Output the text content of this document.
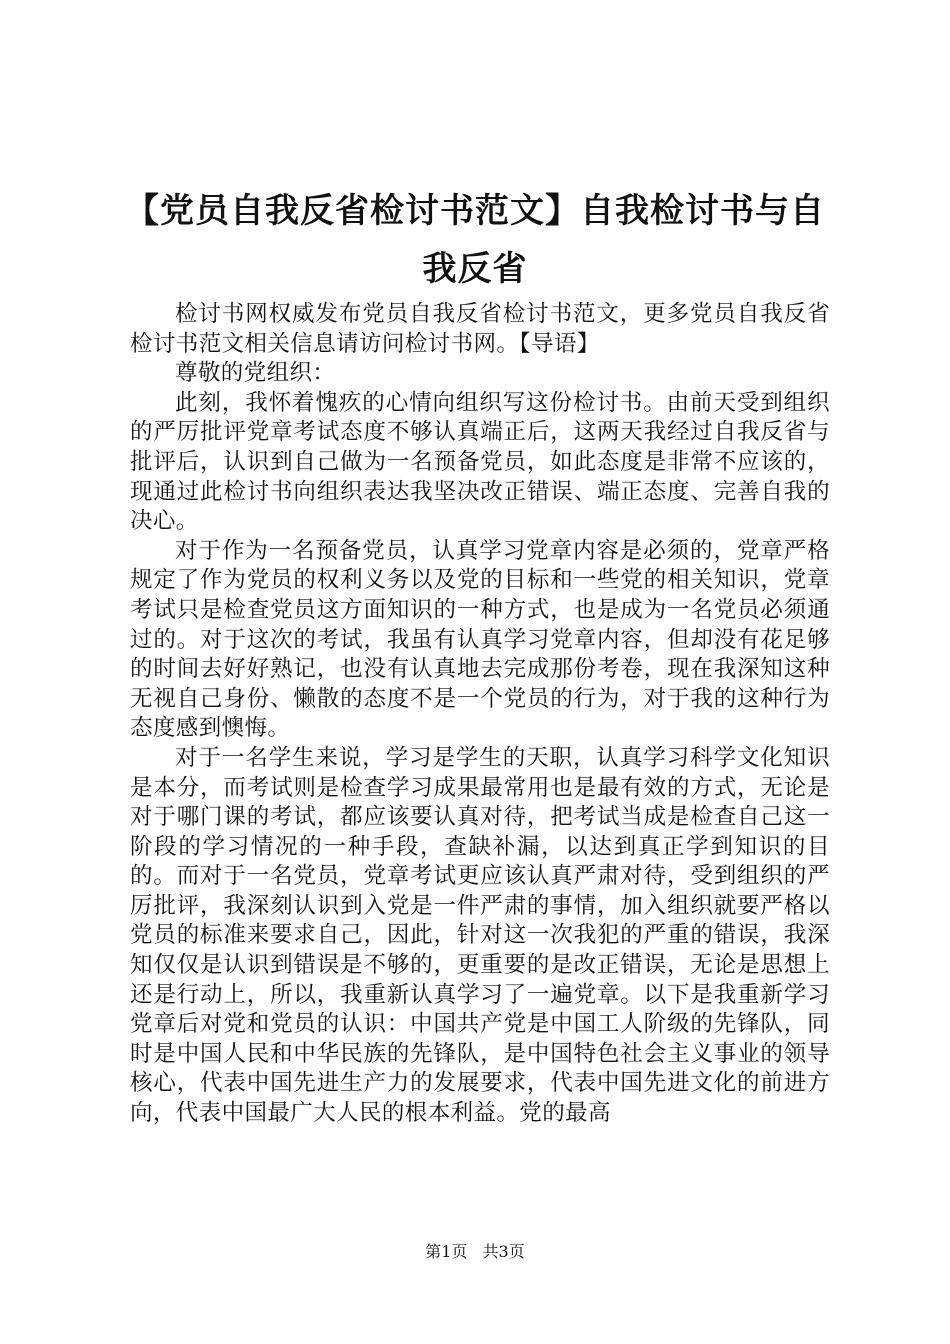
【党员自我反省检讨书范文】自我检讨书与自我反省

检讨书网权威发布党员自我反省检讨书范文，更多党员自我反省检讨书范文相关信息请访问检讨书网。【导语】

尊敬的党组织：

此刻，我怀着愧疚的心情向组织写这份检讨书。由前天受到组织的严厉批评党章考试态度不够认真端正后，这两天我经过自我反省与批评后，认识到自己做为一名预备党员，如此态度是非常不应该的，现通过此检讨书向组织表达我坚决改正错误、端正态度、完善自我的决心。

对于作为一名预备党员，认真学习党章内容是必须的，党章严格规定了作为党员的权利义务以及党的目标和一些党的相关知识，党章考试只是检查党员这方面知识的一种方式，也是成为一名党员必须通过的。对于这次的考试，我虽有认真学习党章内容，但却没有花足够的时间去好好熟记，也没有认真地去完成那份考卷，现在我深知这种无视自己身份、懒散的态度不是一个党员的行为，对于我的这种行为态度感到懊悔。

对于一名学生来说，学习是学生的天职，认真学习科学文化知识是本分，而考试则是检查学习成果最常用也是最有效的方式，无论是对于哪门课的考试，都应该要认真对待，把考试当成是检查自己这一阶段的学习情况的一种手段，查缺补漏，以达到真正学到知识的目的。而对于一名党员，党章考试更应该认真严肃对待，受到组织的严厉批评，我深刻认识到入党是一件严肃的事情，加入组织就要严格以党员的标准来要求自己，因此，针对这一次我犯的严重的错误，我深知仅仅是认识到错误是不够的，更重要的是改正错误，无论是思想上还是行动上，所以，我重新认真学习了一遍党章。以下是我重新学习党章后对党和党员的认识：中国共产党是中国工人阶级的先锋队，同时是中国人民和中华民族的先锋队，是中国特色社会主义事业的领导核心，代表中国先进生产力的发展要求，代表中国先进文化的前进方向，代表中国最广大人民的根本利益。党的最高

第1页 共3页
